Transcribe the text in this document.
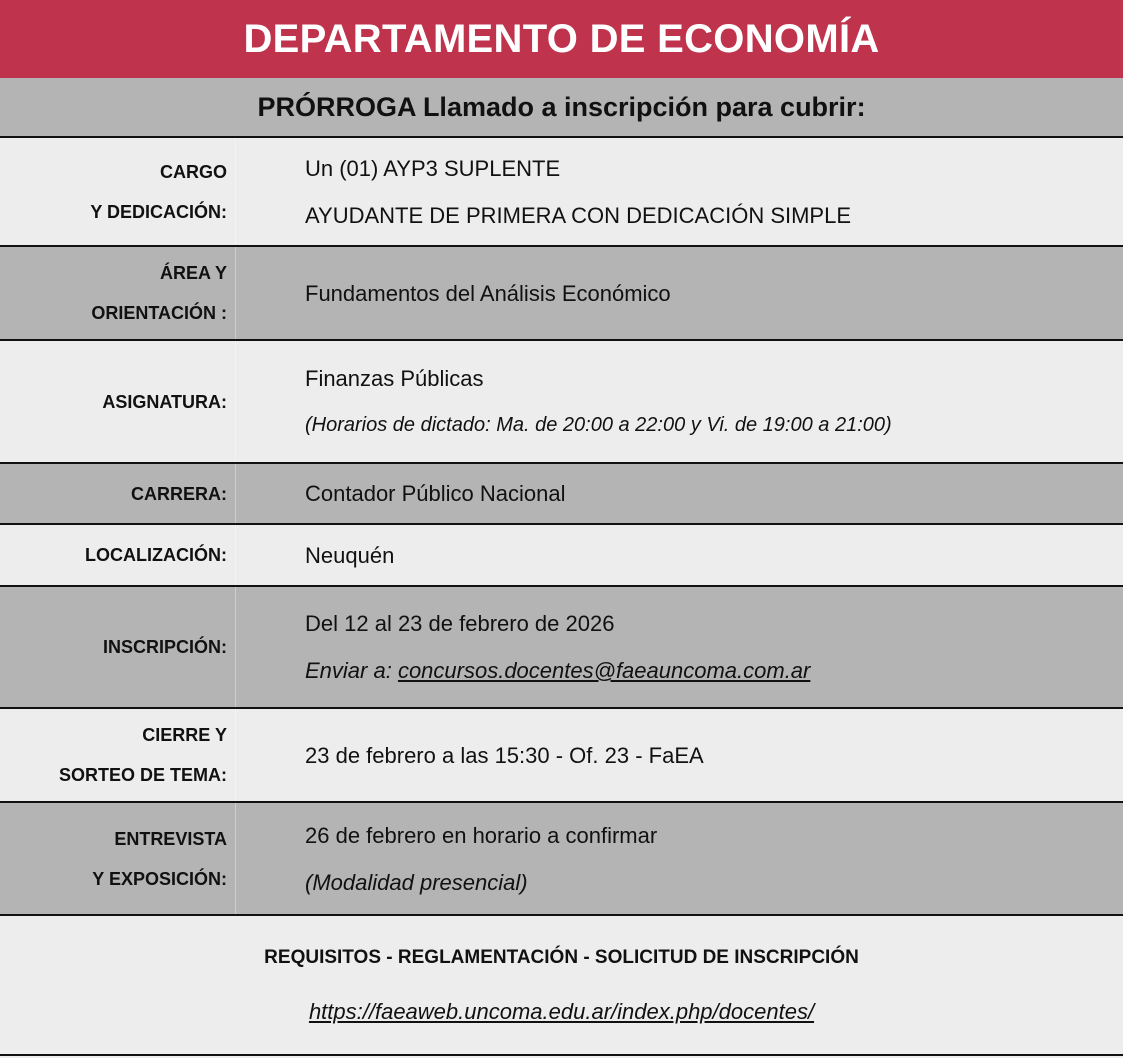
DEPARTAMENTO DE ECONOMÍA
PRÓRROGA Llamado a inscripción para cubrir:
CARGO
Y DEDICACIÓN:
Un (01) AYP3 SUPLENTE
AYUDANTE DE PRIMERA CON DEDICACIÓN SIMPLE
ÁREA Y
ORIENTACIÓN :
Fundamentos del Análisis Económico
ASIGNATURA:
Finanzas Públicas
(Horarios de dictado: Ma. de 20:00 a 22:00 y Vi. de 19:00 a 21:00)
CARRERA:	Contador Público Nacional
LOCALIZACIÓN:	Neuquén
INSCRIPCIÓN:
Del 12 al 23 de febrero de 2026
Enviar a: concursos.docentes@faeauncoma.com.ar
CIERRE Y
SORTEO DE TEMA:
23 de febrero a las 15:30 - Of. 23 - FaEA
ENTREVISTA
Y EXPOSICIÓN:
26 de febrero en horario a confirmar
(Modalidad presencial)
REQUISITOS - REGLAMENTACIÓN - SOLICITUD DE INSCRIPCIÓN
https://faeaweb.uncoma.edu.ar/index.php/docentes/
